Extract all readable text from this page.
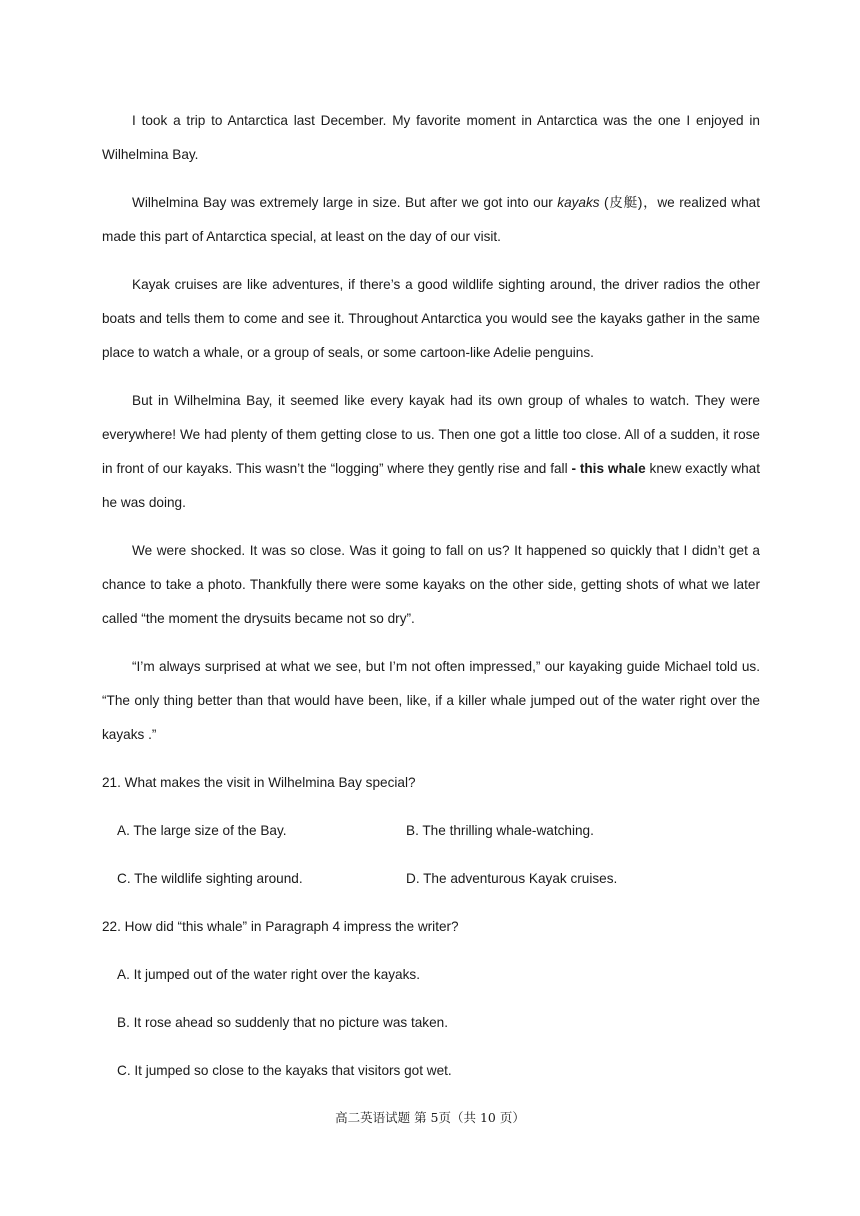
I took a trip to Antarctica last December. My favorite moment in Antarctica was the one I enjoyed in Wilhelmina Bay.

Wilhelmina Bay was extremely large in size. But after we got into our kayaks (皮艇)，we realized what made this part of Antarctica special, at least on the day of our visit.

Kayak cruises are like adventures, if there’s a good wildlife sighting around, the driver radios the other boats and tells them to come and see it. Throughout Antarctica you would see the kayaks gather in the same place to watch a whale, or a group of seals, or some cartoon-like Adelie penguins.

But in Wilhelmina Bay, it seemed like every kayak had its own group of whales to watch. They were everywhere! We had plenty of them getting close to us. Then one got a little too close. All of a sudden, it rose in front of our kayaks. This wasn’t the “logging” where they gently rise and fall - this whale knew exactly what he was doing.

We were shocked. It was so close. Was it going to fall on us? It happened so quickly that I didn’t get a chance to take a photo. Thankfully there were some kayaks on the other side, getting shots of what we later called “the moment the drysuits became not so dry”.

“I’m always surprised at what we see, but I’m not often impressed,” our kayaking guide Michael told us. “The only thing better than that would have been, like, if a killer whale jumped out of the water right over the kayaks .”

21. What makes the visit in Wilhelmina Bay special?
A. The large size of the Bay.	B. The thrilling whale-watching.
C. The wildlife sighting around.	D. The adventurous Kayak cruises.
22. How did “this whale” in Paragraph 4 impress the writer?
A. It jumped out of the water right over the kayaks.
B. It rose ahead so suddenly that no picture was taken.
C. It jumped so close to the kayaks that visitors got wet.
高二英语试题 第 5页（共 10 页）
